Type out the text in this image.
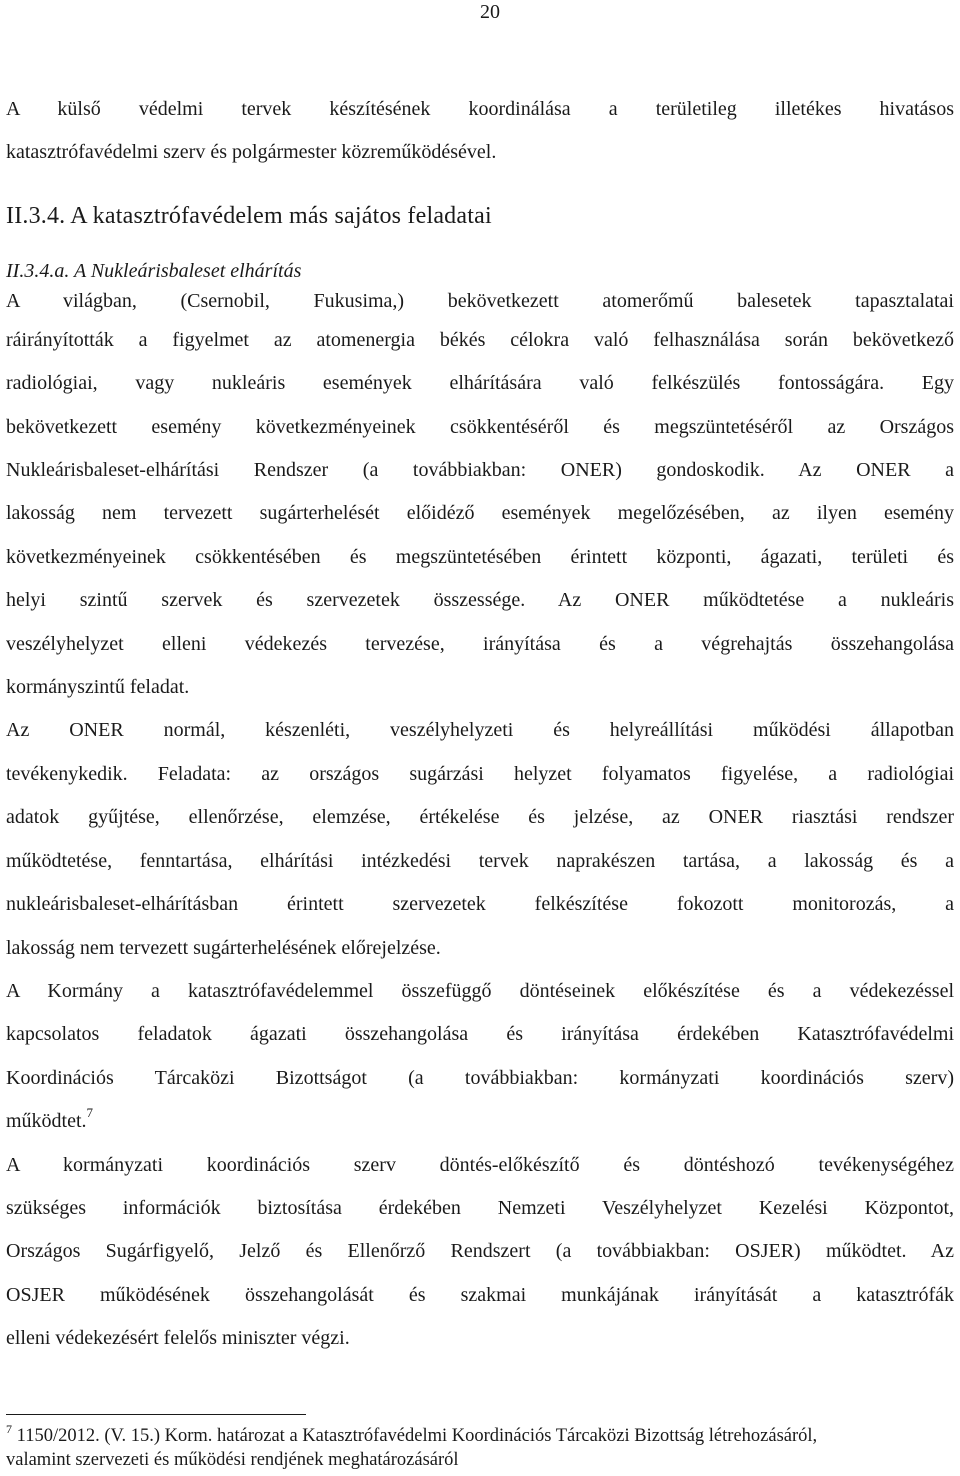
20
A külső védelmi tervek készítésének koordinálása a területileg illetékes hivatásos
katasztrófavédelmi szerv és polgármester közreműködésével.
II.3.4. A katasztrófavédelem más sajátos feladatai
II.3.4.a. A Nukleárisbaleset elhárítás
A világban, (Csernobil, Fukusima,) bekövetkezett atomerőmű balesetek tapasztalatai
ráirányították a figyelmet az atomenergia békés célokra való felhasználása során bekövetkező
radiológiai, vagy nukleáris események elhárítására való felkészülés fontosságára. Egy
bekövetkezett esemény következményeinek csökkentéséről és megszüntetéséről az Országos
Nukleárisbaleset-elhárítási Rendszer (a továbbiakban: ONER) gondoskodik. Az ONER a
lakosság nem tervezett sugárterhelését előidéző események megelőzésében, az ilyen esemény
következményeinek csökkentésében és megszüntetésében érintett központi, ágazati, területi és
helyi szintű szervek és szervezetek összessége. Az ONER működtetése a nukleáris
veszélyhelyzet elleni védekezés tervezése, irányítása és a végrehajtás összehangolása
kormányszintű feladat.
Az ONER normál, készenléti, veszélyhelyzeti és helyreállítási működési állapotban
tevékenykedik. Feladata: az országos sugárzási helyzet folyamatos figyelése, a radiológiai
adatok gyűjtése, ellenőrzése, elemzése, értékelése és jelzése, az ONER riasztási rendszer
működtetése, fenntartása, elhárítási intézkedési tervek naprakészen tartása, a lakosság és a
nukleárisbaleset-elhárításban érintett szervezetek felkészítése fokozott monitorozás, a
lakosság nem tervezett sugárterhelésének előrejelzése.
A Kormány a katasztrófavédelemmel összefüggő döntéseinek előkészítése és a védekezéssel
kapcsolatos feladatok ágazati összehangolása és irányítása érdekében Katasztrófavédelmi
Koordinációs Tárcaközi Bizottságot (a továbbiakban: kormányzati koordinációs szerv)
működtet.$^7$
A kormányzati koordinációs szerv döntés-előkészítő és döntéshozó tevékenységéhez
szükséges információk biztosítása érdekében Nemzeti Veszélyhelyzet Kezelési Központot,
Országos Sugárfigyelő, Jelző és Ellenőrző Rendszert (a továbbiakban: OSJER) működtet. Az
OSJER működésének összehangolását és szakmai munkájának irányítását a katasztrófák
elleni védekezésért felelős miniszter végzi.
$^7$ 1150/2012. (V. 15.) Korm. határozat a Katasztrófavédelmi Koordinációs Tárcaközi Bizottság létrehozásáról,
valamint szervezeti és működési rendjének meghatározásáról
